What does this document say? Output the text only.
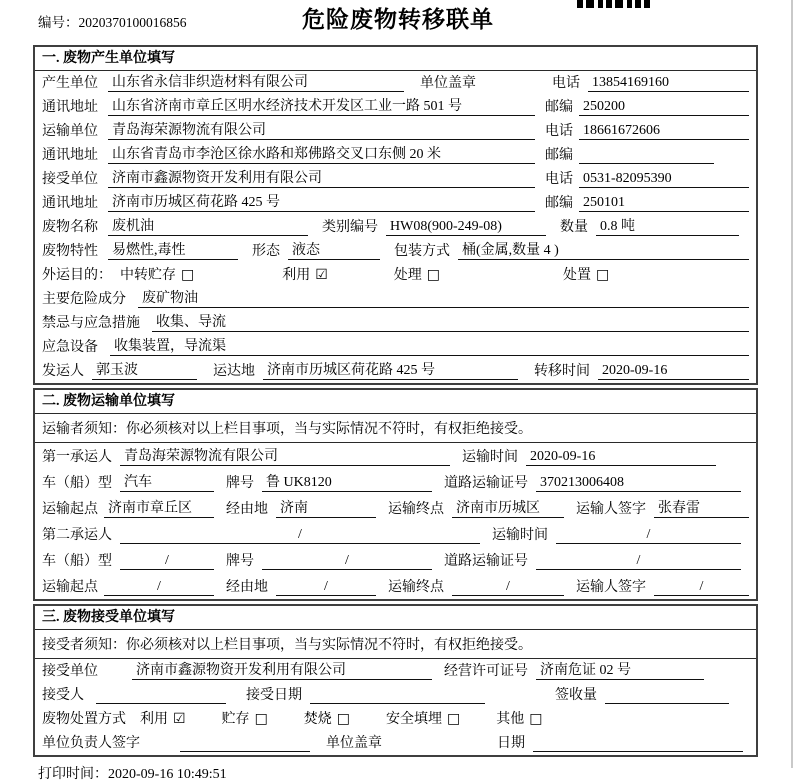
编号：2020370100016856	危险废物转移联单
一. 废物产生单位填写
产生单位	山东省永信非织造材料有限公司	单位盖章	电话 13854169160
通讯地址	山东省济南市章丘区明水经济技术开发区工业一路 501 号	邮编 250200
运输单位	青岛海荣源物流有限公司	电话 18661672606
通讯地址	山东省青岛市李沧区徐水路和郑佛路交叉口东侧 20 米	邮编
接受单位	济南市鑫源物资开发利用有限公司	电话 0531-82095390
通讯地址	济南市历城区荷花路 425 号	邮编 250101
废物名称	废机油	类别编号 HW08(900-249-08)	数量 0.8 吨
废物特性	易燃性,毒性	形态 液态	包装方式 桶(金属,数量 4 )
外运目的： 中转贮存 □	利用 ☑	处理 □	处置 □
主要危险成分 废矿物油
禁忌与应急措施 收集、导流
应急设备 收集装置，导流渠
发运人 郭玉波	运达地 济南市历城区荷花路 425 号	转移时间 2020-09-16
二. 废物运输单位填写
运输者须知：你必须核对以上栏目事项，当与实际情况不符时，有权拒绝接受。
第一承运人 青岛海荣源物流有限公司	运输时间 2020-09-16
车（船）型 汽车	牌号 鲁 UK8120	道路运输证号 370213006408
运输起点 济南市章丘区	经由地 济南	运输终点 济南市历城区	运输人签字 张春雷
第二承运人	/	运输时间	/
车（船）型	/	牌号	/	道路运输证号	/
运输起点	/	经由地	/	运输终点	/	运输人签字	/
三. 废物接受单位填写
接受者须知：你必须核对以上栏目事项，当与实际情况不符时，有权拒绝接受。
接受单位	济南市鑫源物资开发利用有限公司	经营许可证号 济南危证 02 号
接受人	接受日期	签收量
废物处置方式 利用 ☑	贮存 □	焚烧 □	安全填埋 □	其他 □
单位负责人签字	单位盖章	日期
打印时间：2020-09-16 10:49:51
